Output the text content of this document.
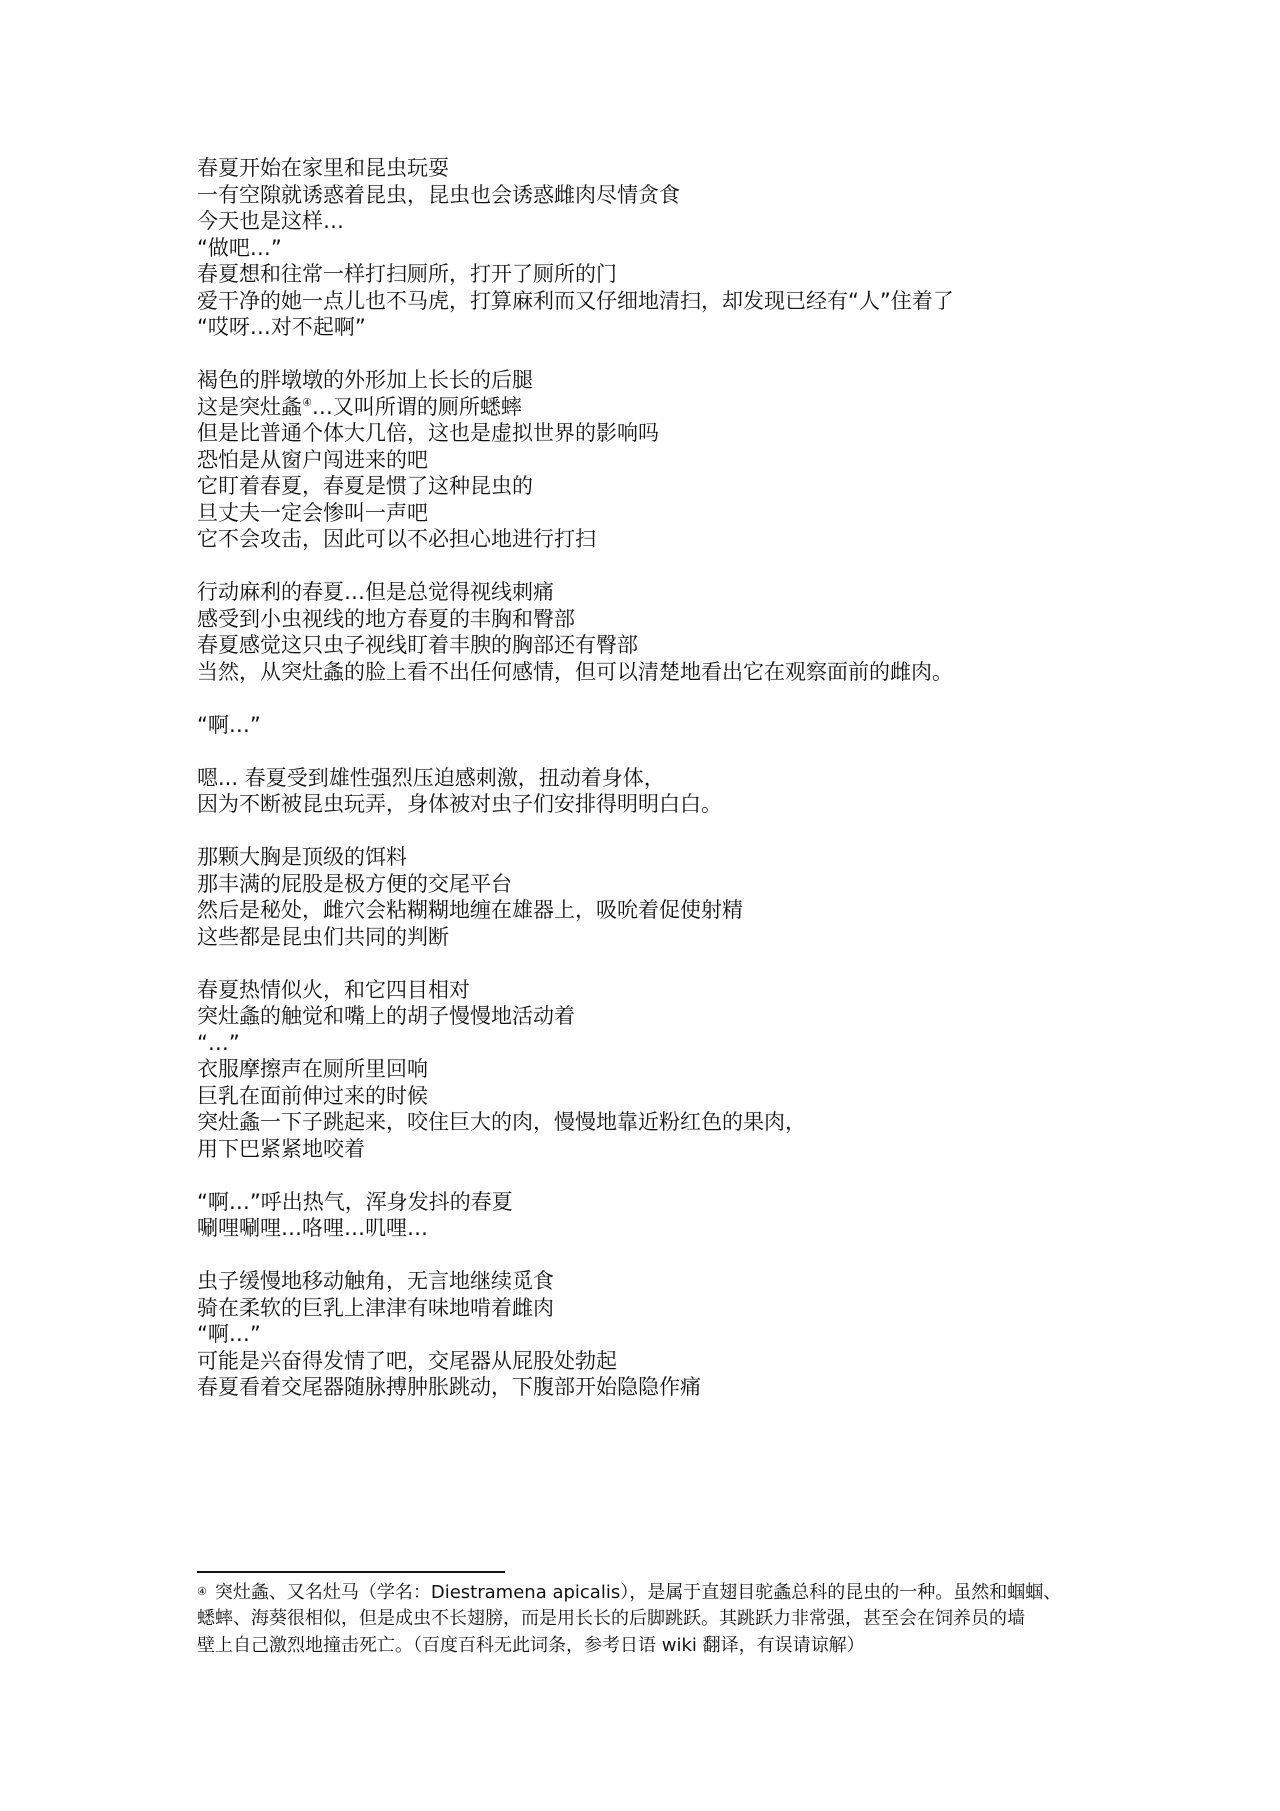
春夏开始在家里和昆虫玩耍
一有空隙就诱惑着昆虫，昆虫也会诱惑雌肉尽情贪食
今天也是这样…
“做吧…”
春夏想和往常一样打扫厕所，打开了厕所的门
爱干净的她一点儿也不马虎，打算麻利而又仔细地清扫，却发现已经有“人”住着了
“哎呀…对不起啊”
褐色的胖墩墩的外形加上长长的后腿
这是突灶螽④…又叫所谓的厕所蟋蟀
但是比普通个体大几倍，这也是虚拟世界的影响吗
恐怕是从窗户闯进来的吧
它盯着春夏，春夏是惯了这种昆虫的
旦丈夫一定会惨叫一声吧
它不会攻击，因此可以不必担心地进行打扫
行动麻利的春夏…但是总觉得视线刺痛
感受到小虫视线的地方春夏的丰胸和臀部
春夏感觉这只虫子视线盯着丰腴的胸部还有臀部
当然，从突灶螽的脸上看不出任何感情，但可以清楚地看出它在观察面前的雌肉。
“啊…”
嗯... 春夏受到雄性强烈压迫感刺激，扭动着身体，
因为不断被昆虫玩弄，身体被对虫子们安排得明明白白。
那颗大胸是顶级的饵料
那丰满的屁股是极方便的交尾平台
然后是秘处，雌穴会粘糊糊地缠在雄器上，吸吮着促使射精
这些都是昆虫们共同的判断
春夏热情似火，和它四目相对
突灶螽的触觉和嘴上的胡子慢慢地活动着
“…”
衣服摩擦声在厕所里回响
巨乳在面前伸过来的时候
突灶螽一下子跳起来，咬住巨大的肉，慢慢地靠近粉红色的果肉，
用下巴紧紧地咬着
“啊…”呼出热气，浑身发抖的春夏
唰哩唰哩…咯哩…叽哩…
虫子缓慢地移动触角，无言地继续觅食
骑在柔软的巨乳上津津有味地啃着雌肉
“啊…”
可能是兴奋得发情了吧，交尾器从屁股处勃起
春夏看着交尾器随脉搏肿胀跳动，下腹部开始隐隐作痛
④ 突灶螽、又名灶马（学名：Diestramena apicalis），是属于直翅目驼螽总科的昆虫的一种。虽然和蝈蝈、
蟋蟀、海葵很相似，但是成虫不长翅膀，而是用长长的后脚跳跃。其跳跃力非常强，甚至会在饲养员的墙
壁上自己激烈地撞击死亡。（百度百科无此词条，参考日语 wiki 翻译，有误请谅解）
